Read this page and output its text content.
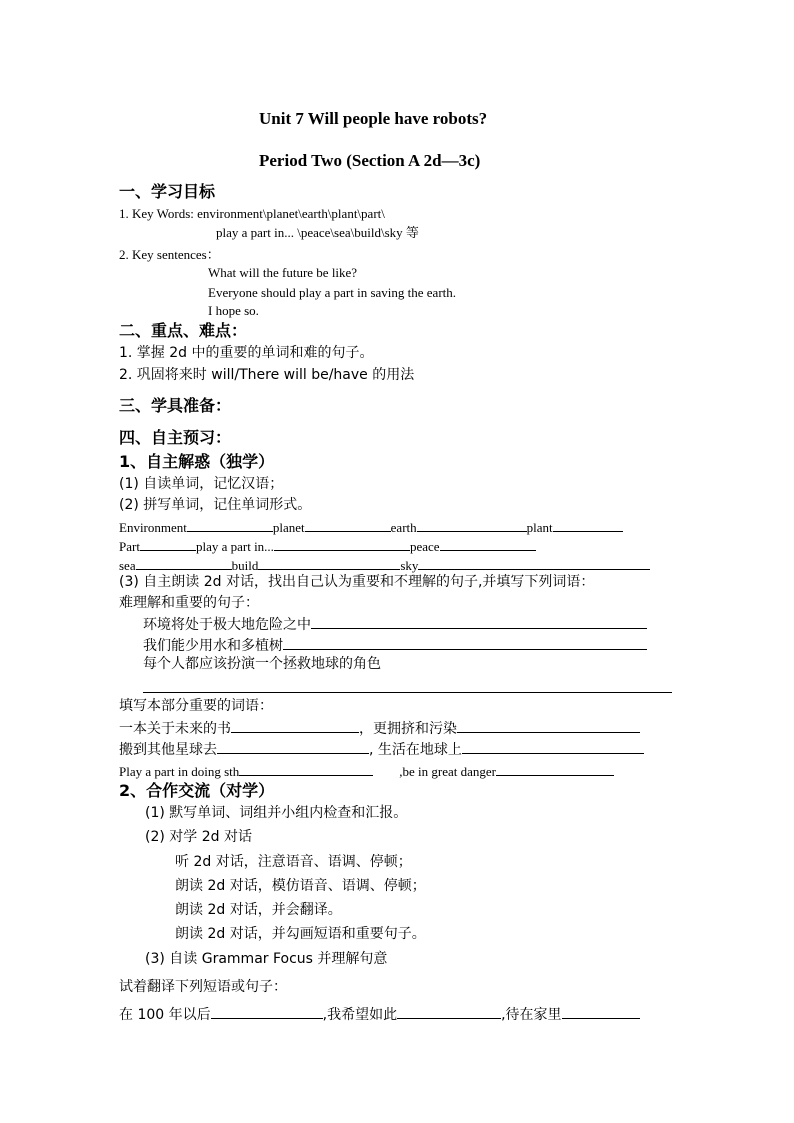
Unit 7 Will people have robots?
Period Two (Section A 2d—3c)
一、学习目标
1. Key Words: environment\planet\earth\plant\part\
play a part in... \peace\sea\build\sky 等
2. Key sentences：
What will the future be like?
Everyone should play a part in saving the earth.
I hope so.
二、重点、难点：
1. 掌握 2d 中的重要的单词和难的句子。
2. 巩固将来时 will/There will be/have 的用法
三、学具准备：
四、自主预习：
1、自主解惑（独学）
(1) 自读单词，记忆汉语；
(2) 拼写单词，记住单词形式。
Environment	planet	earth	plant
Part	play a part in...	peace
sea	build	sky
(3) 自主朗读 2d 对话，找出自己认为重要和不理解的句子,并填写下列词语：
难理解和重要的句子：
环境将处于极大地危险之中
我们能少用水和多植树
每个人都应该扮演一个拯救地球的角色
填写本部分重要的词语：
一本关于未来的书	，更拥挤和污染
搬到其他星球去	, 生活在地球上
Play a part in doing sth	,be in great danger
2、合作交流（对学）
(1) 默写单词、词组并小组内检查和汇报。
(2) 对学 2d 对话
听 2d 对话，注意语音、语调、停顿；
朗读 2d 对话，模仿语音、语调、停顿；
朗读 2d 对话，并会翻译。
朗读 2d 对话，并勾画短语和重要句子。
(3) 自读 Grammar Focus 并理解句意
试着翻译下列短语或句子：
在 100 年以后	,我希望如此	,待在家里
